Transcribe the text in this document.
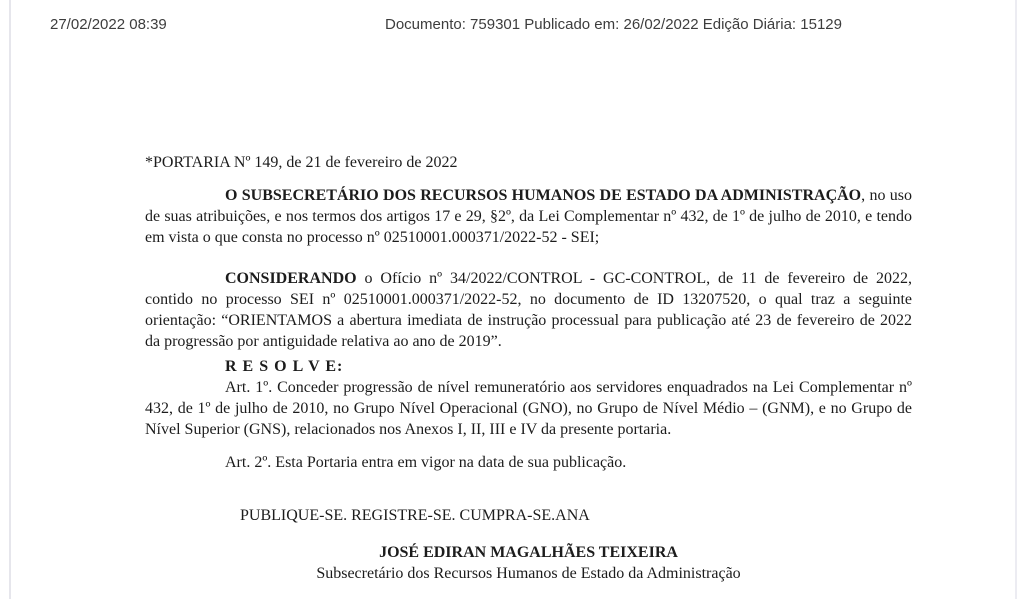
27/02/2022 08:39	Documento: 759301 Publicado em: 26/02/2022 Edição Diária: 15129
*PORTARIA Nº 149, de 21 de fevereiro de 2022

O SUBSECRETÁRIO DOS RECURSOS HUMANOS DE ESTADO DA ADMINISTRAÇÃO, no uso de suas atribuições, e nos termos dos artigos 17 e 29, §2º, da Lei Complementar nº 432, de 1º de julho de 2010, e tendo em vista o que consta no processo nº 02510001.000371/2022-52 - SEI;

CONSIDERANDO o Ofício nº 34/2022/CONTROL - GC-CONTROL, de 11 de fevereiro de 2022, contido no processo SEI nº 02510001.000371/2022-52, no documento de ID 13207520, o qual traz a seguinte orientação: “ORIENTAMOS a abertura imediata de instrução processual para publicação até 23 de fevereiro de 2022 da progressão por antiguidade relativa ao ano de 2019”.

R E S O L V E:

Art. 1º. Conceder progressão de nível remuneratório aos servidores enquadrados na Lei Complementar nº 432, de 1º de julho de 2010, no Grupo Nível Operacional (GNO), no Grupo de Nível Médio – (GNM), e no Grupo de Nível Superior (GNS), relacionados nos Anexos I, II, III e IV da presente portaria.

Art. 2º. Esta Portaria entra em vigor na data de sua publicação.

PUBLIQUE-SE. REGISTRE-SE. CUMPRA-SE.ANA
JOSÉ EDIRAN MAGALHÃES TEIXEIRA
Subsecretário dos Recursos Humanos de Estado da Administração
